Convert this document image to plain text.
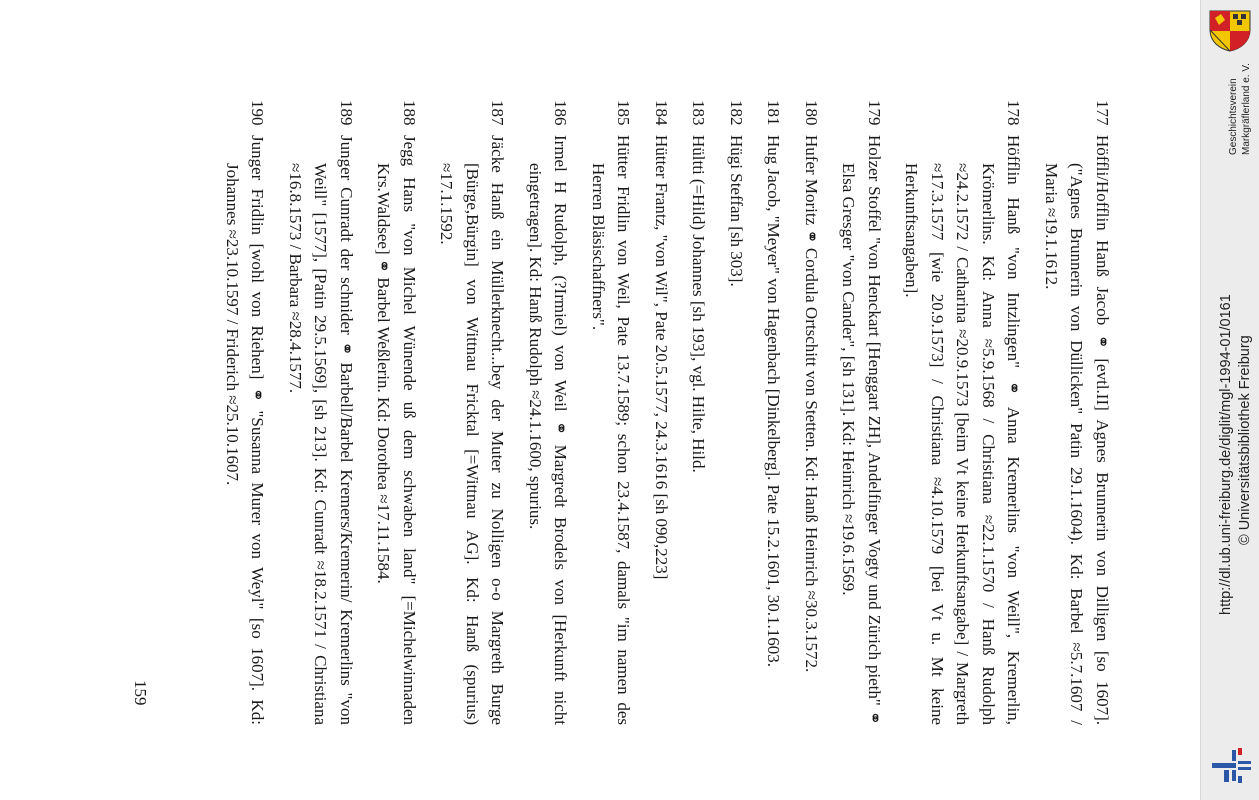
177
Höffli/Hofflin Hanß Jacob ⚭ [evtl.II] Agnes Brunnerin von Dilligen [so 1607]. ("Agnes Brunnerin von Düllicken" Patin 29.1.1604). Kd: Barbel ≈5.7.1607 / Maria ≈19.1.1612.
178
Höfflin Hanß "von Intzlingen" ⚭ Anna Kremerlins "von Weill", Kremerlin, Krömerlins. Kd: Anna ≈5.9.1568 / Christiana ≈22.1.1570 / Hanß Rudolph ≈24.2.1572 / Catharina ≈20.9.1573 [beim Vt keine Herkunftsangabe] / Margreth ≈17.3.1577 [wie 20.9.1573] / Christiana ≈4.10.1579 [bei Vt u. Mt keine Herkunftsangaben].
179
Holzer Stoffel "von Henckart [Henggart ZH], Andelfinger Vogty und Zürich pieth" ⚭ Elsa Gresger "von Cander", [sh 131]. Kd: Heinrich ≈19.6.1569.
180
Hufer Moritz ⚭ Cordula Ortschitt von Stetten. Kd: Hanß Heinrich ≈30.3.1572.
181
Hug Jacob, "Meyer" von Hagenbach [Dinkelberg]. Pate 15.2.1601, 30.1.1603.
182
Hügi Steffan [sh 303].
183
Hültti (=Hild) Johannes [sh 193], vgl. Hilte, Hild.
184
Hütter Frantz, "von Wil", Pate 20.5.1577, 24.3.1616 [sh 090,223]
185
Hütter Fridlin von Weil, Pate 13.7.1589; schon 23.4.1587, damals "im namen des Herren Bläsischaffners".
186
Irmel H Rudolph, (?Irmiel) von Weil ⚭ Margredt Brodels von [Herkunft nicht eingetragen]. Kd: Hanß Rudolph ≈24.1.1600, spurius.
187
Jäcke Hanß ein Müllerknecht...bey der Muter zu Nolligen o-o Margreth Burge [Bürge,Bürgin] von Wittnau Fricktal [=Wittnau AG]. Kd: Hanß (spurius) ≈17.1.1592.
188
Jegg Hans "von Michel Wünende uß dem schwaben land" [=Michelwinnaden Krs.Waldsee] ⚭ Barbel Weßlerin. Kd: Dorothea ≈17.11.1584.
189
Junger Cunradt der schnider ⚭ Barbell/Barbel Kremers/Kremerin/ Kremerlins "von Weill" [1577], [Patin 29.5.1569], [sh 213]. Kd: Cunradt ≈18.2.1571 / Christiana ≈16.8.1573 / Barbara ≈28.4.1577.
190
Junger Fridlin [wohl von Riehen] ⚭ "Susanna Murer von Weyl" [so 1607]. Kd: Johannes ≈23.10.1597 / Friderich ≈25.10.1607.
159
Geschichtsverein Markgräflerland e. V.
http://dl.ub.uni-freiburg.de/diglit/mgl-1994-01/0161 © Universitätsbibliothek Freiburg
